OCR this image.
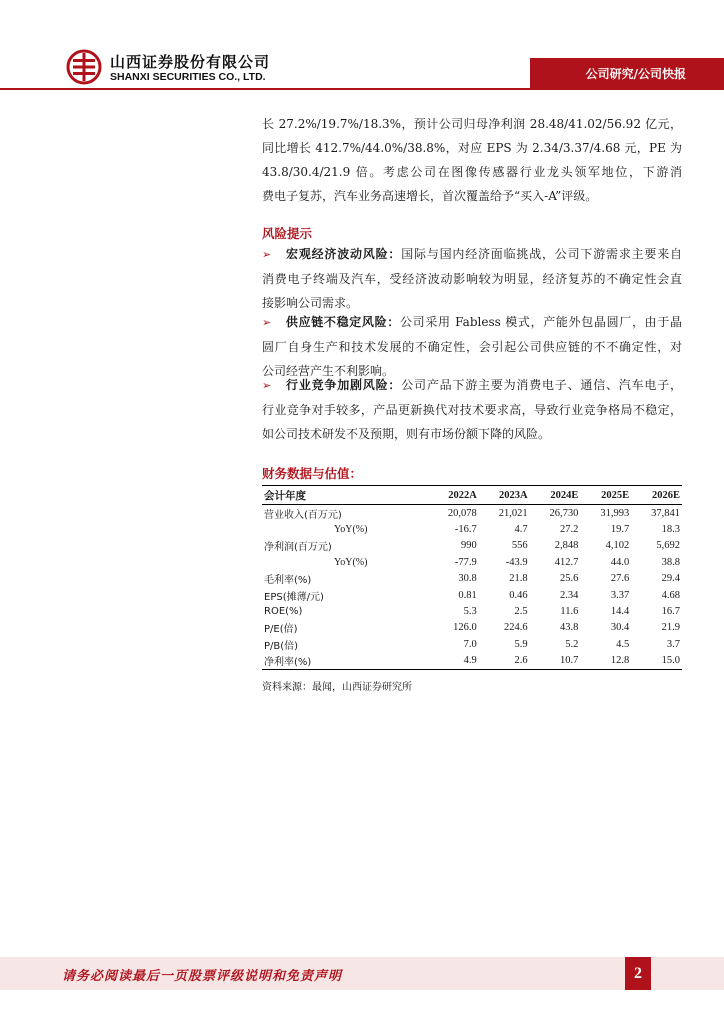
山西证券股份有限公司
SHANXI SECURITIES CO., LTD.	公司研究/公司快报

长 27.2%/19.7%/18.3%，预计公司归母净利润 28.48/41.02/56.92 亿元，
同比增长 412.7%/44.0%/38.8%，对应 EPS 为 2.34/3.37/4.68 元，PE 为
43.8/30.4/21.9 倍。考虑公司在图像传感器行业龙头领军地位，下游消
费电子复苏，汽车业务高速增长，首次覆盖给予“买入-A”评级。

风险提示

➢ 宏观经济波动风险：国际与国内经济面临挑战，公司下游需求主要来自
消费电子终端及汽车，受经济波动影响较为明显，经济复苏的不确定性会直
接影响公司需求。

➢ 供应链不稳定风险：公司采用 Fabless 模式，产能外包晶圆厂，由于晶
圆厂自身生产和技术发展的不确定性，会引起公司供应链的不不确定性，对
公司经营产生不利影响。

➢ 行业竞争加剧风险：公司产品下游主要为消费电子、通信、汽车电子，
行业竞争对手较多，产品更新换代对技术要求高，导致行业竞争格局不稳定，
如公司技术研发不及预期，则有市场份额下降的风险。

财务数据与估值：
会计年度	2022A	2023A	2024E	2025E	2026E
营业收入(百万元)	20,078	21,021	26,730	31,993	37,841
YoY(%)	-16.7	4.7	27.2	19.7	18.3
净利润(百万元)	990	556	2,848	4,102	5,692
YoY(%)	-77.9	-43.9	412.7	44.0	38.8
毛利率(%)	30.8	21.8	25.6	27.6	29.4
EPS(摊薄/元)	0.81	0.46	2.34	3.37	4.68
ROE(%)	5.3	2.5	11.6	14.4	16.7
P/E(倍)	126.0	224.6	43.8	30.4	21.9
P/B(倍)	7.0	5.9	5.2	4.5	3.7
净利率(%)	4.9	2.6	10.7	12.8	15.0
资料来源：最闻，山西证券研究所
请务必阅读最后一页股票评级说明和免责声明	2
